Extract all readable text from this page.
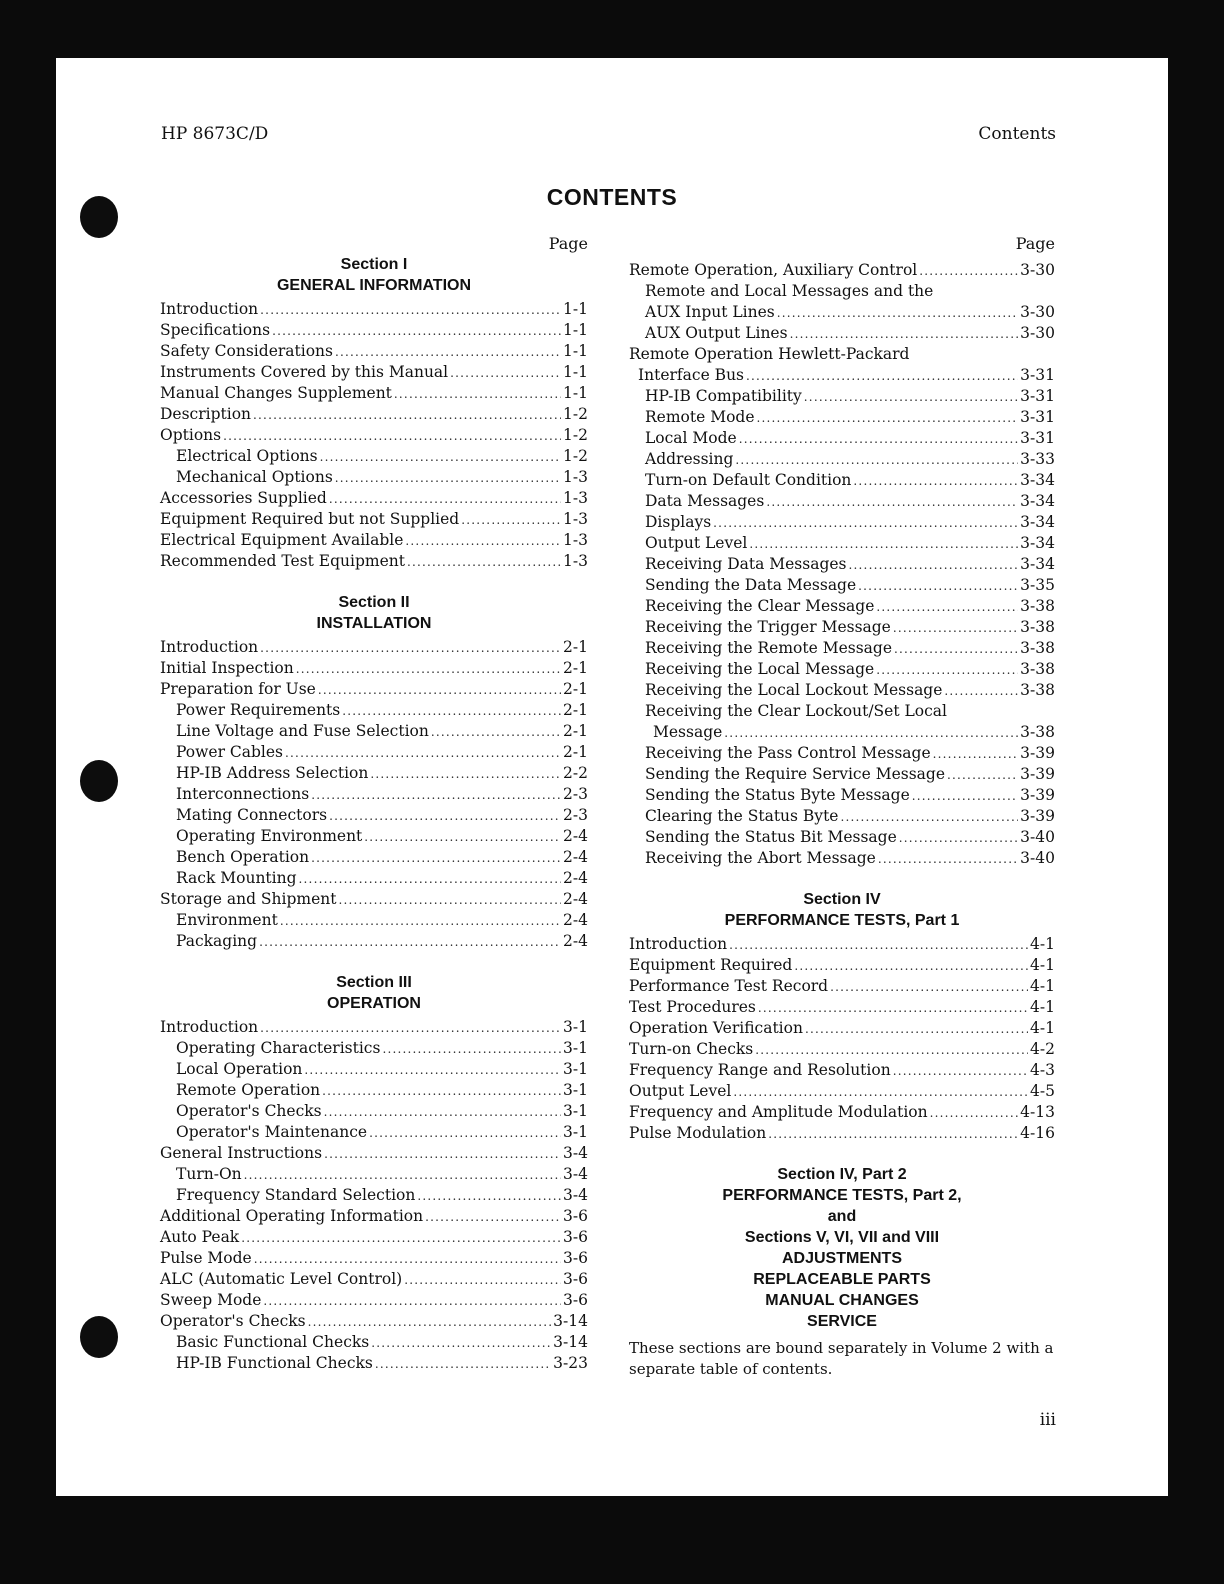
HP 8673C/D	Contents
CONTENTS
Page
Section I
GENERAL INFORMATION
Introduction .....	1-1
Specifications .....	1-1
Safety Considerations .....	1-1
Instruments Covered by this Manual .....	1-1
Manual Changes Supplement .....	1-1
Description .....	1-2
Options .....	1-2
Electrical Options .....	1-2
Mechanical Options .....	1-3
Accessories Supplied .....	1-3
Equipment Required but not Supplied .....	1-3
Electrical Equipment Available .....	1-3
Recommended Test Equipment .....	1-3
Section II
INSTALLATION
Introduction .....	2-1
Initial Inspection .....	2-1
Preparation for Use .....	2-1
Power Requirements .....	2-1
Line Voltage and Fuse Selection .....	2-1
Power Cables .....	2-1
HP-IB Address Selection .....	2-2
Interconnections .....	2-3
Mating Connectors .....	2-3
Operating Environment .....	2-4
Bench Operation .....	2-4
Rack Mounting .....	2-4
Storage and Shipment .....	2-4
Environment .....	2-4
Packaging .....	2-4
Section III
OPERATION
Introduction .....	3-1
Operating Characteristics .....	3-1
Local Operation .....	3-1
Remote Operation .....	3-1
Operator's Checks .....	3-1
Operator's Maintenance .....	3-1
General Instructions .....	3-4
Turn-On .....	3-4
Frequency Standard Selection .....	3-4
Additional Operating Information .....	3-6
Auto Peak .....	3-6
Pulse Mode .....	3-6
ALC (Automatic Level Control) .....	3-6
Sweep Mode .....	3-6
Operator's Checks .....	3-14
Basic Functional Checks .....	3-14
HP-IB Functional Checks .....	3-23
Page
Remote Operation, Auxiliary Control .....	3-30
Remote and Local Messages and the
AUX Input Lines .....	3-30
AUX Output Lines .....	3-30
Remote Operation Hewlett-Packard
Interface Bus .....	3-31
HP-IB Compatibility .....	3-31
Remote Mode .....	3-31
Local Mode .....	3-31
Addressing .....	3-33
Turn-on Default Condition .....	3-34
Data Messages .....	3-34
Displays .....	3-34
Output Level .....	3-34
Receiving Data Messages .....	3-34
Sending the Data Message .....	3-35
Receiving the Clear Message .....	3-38
Receiving the Trigger Message .....	3-38
Receiving the Remote Message .....	3-38
Receiving the Local Message .....	3-38
Receiving the Local Lockout Message .....	3-38
Receiving the Clear Lockout/Set Local
Message .....	3-38
Receiving the Pass Control Message .....	3-39
Sending the Require Service Message .....	3-39
Sending the Status Byte Message .....	3-39
Clearing the Status Byte .....	3-39
Sending the Status Bit Message .....	3-40
Receiving the Abort Message .....	3-40
Section IV
PERFORMANCE TESTS, Part 1
Introduction .....	4-1
Equipment Required .....	4-1
Performance Test Record .....	4-1
Test Procedures .....	4-1
Operation Verification .....	4-1
Turn-on Checks .....	4-2
Frequency Range and Resolution .....	4-3
Output Level .....	4-5
Frequency and Amplitude Modulation .....	4-13
Pulse Modulation .....	4-16
Section IV, Part 2
PERFORMANCE TESTS, Part 2,
and
Sections V, VI, VII and VIII
ADJUSTMENTS
REPLACEABLE PARTS
MANUAL CHANGES
SERVICE
These sections are bound separately in Volume 2 with a separate table of contents.
iii
